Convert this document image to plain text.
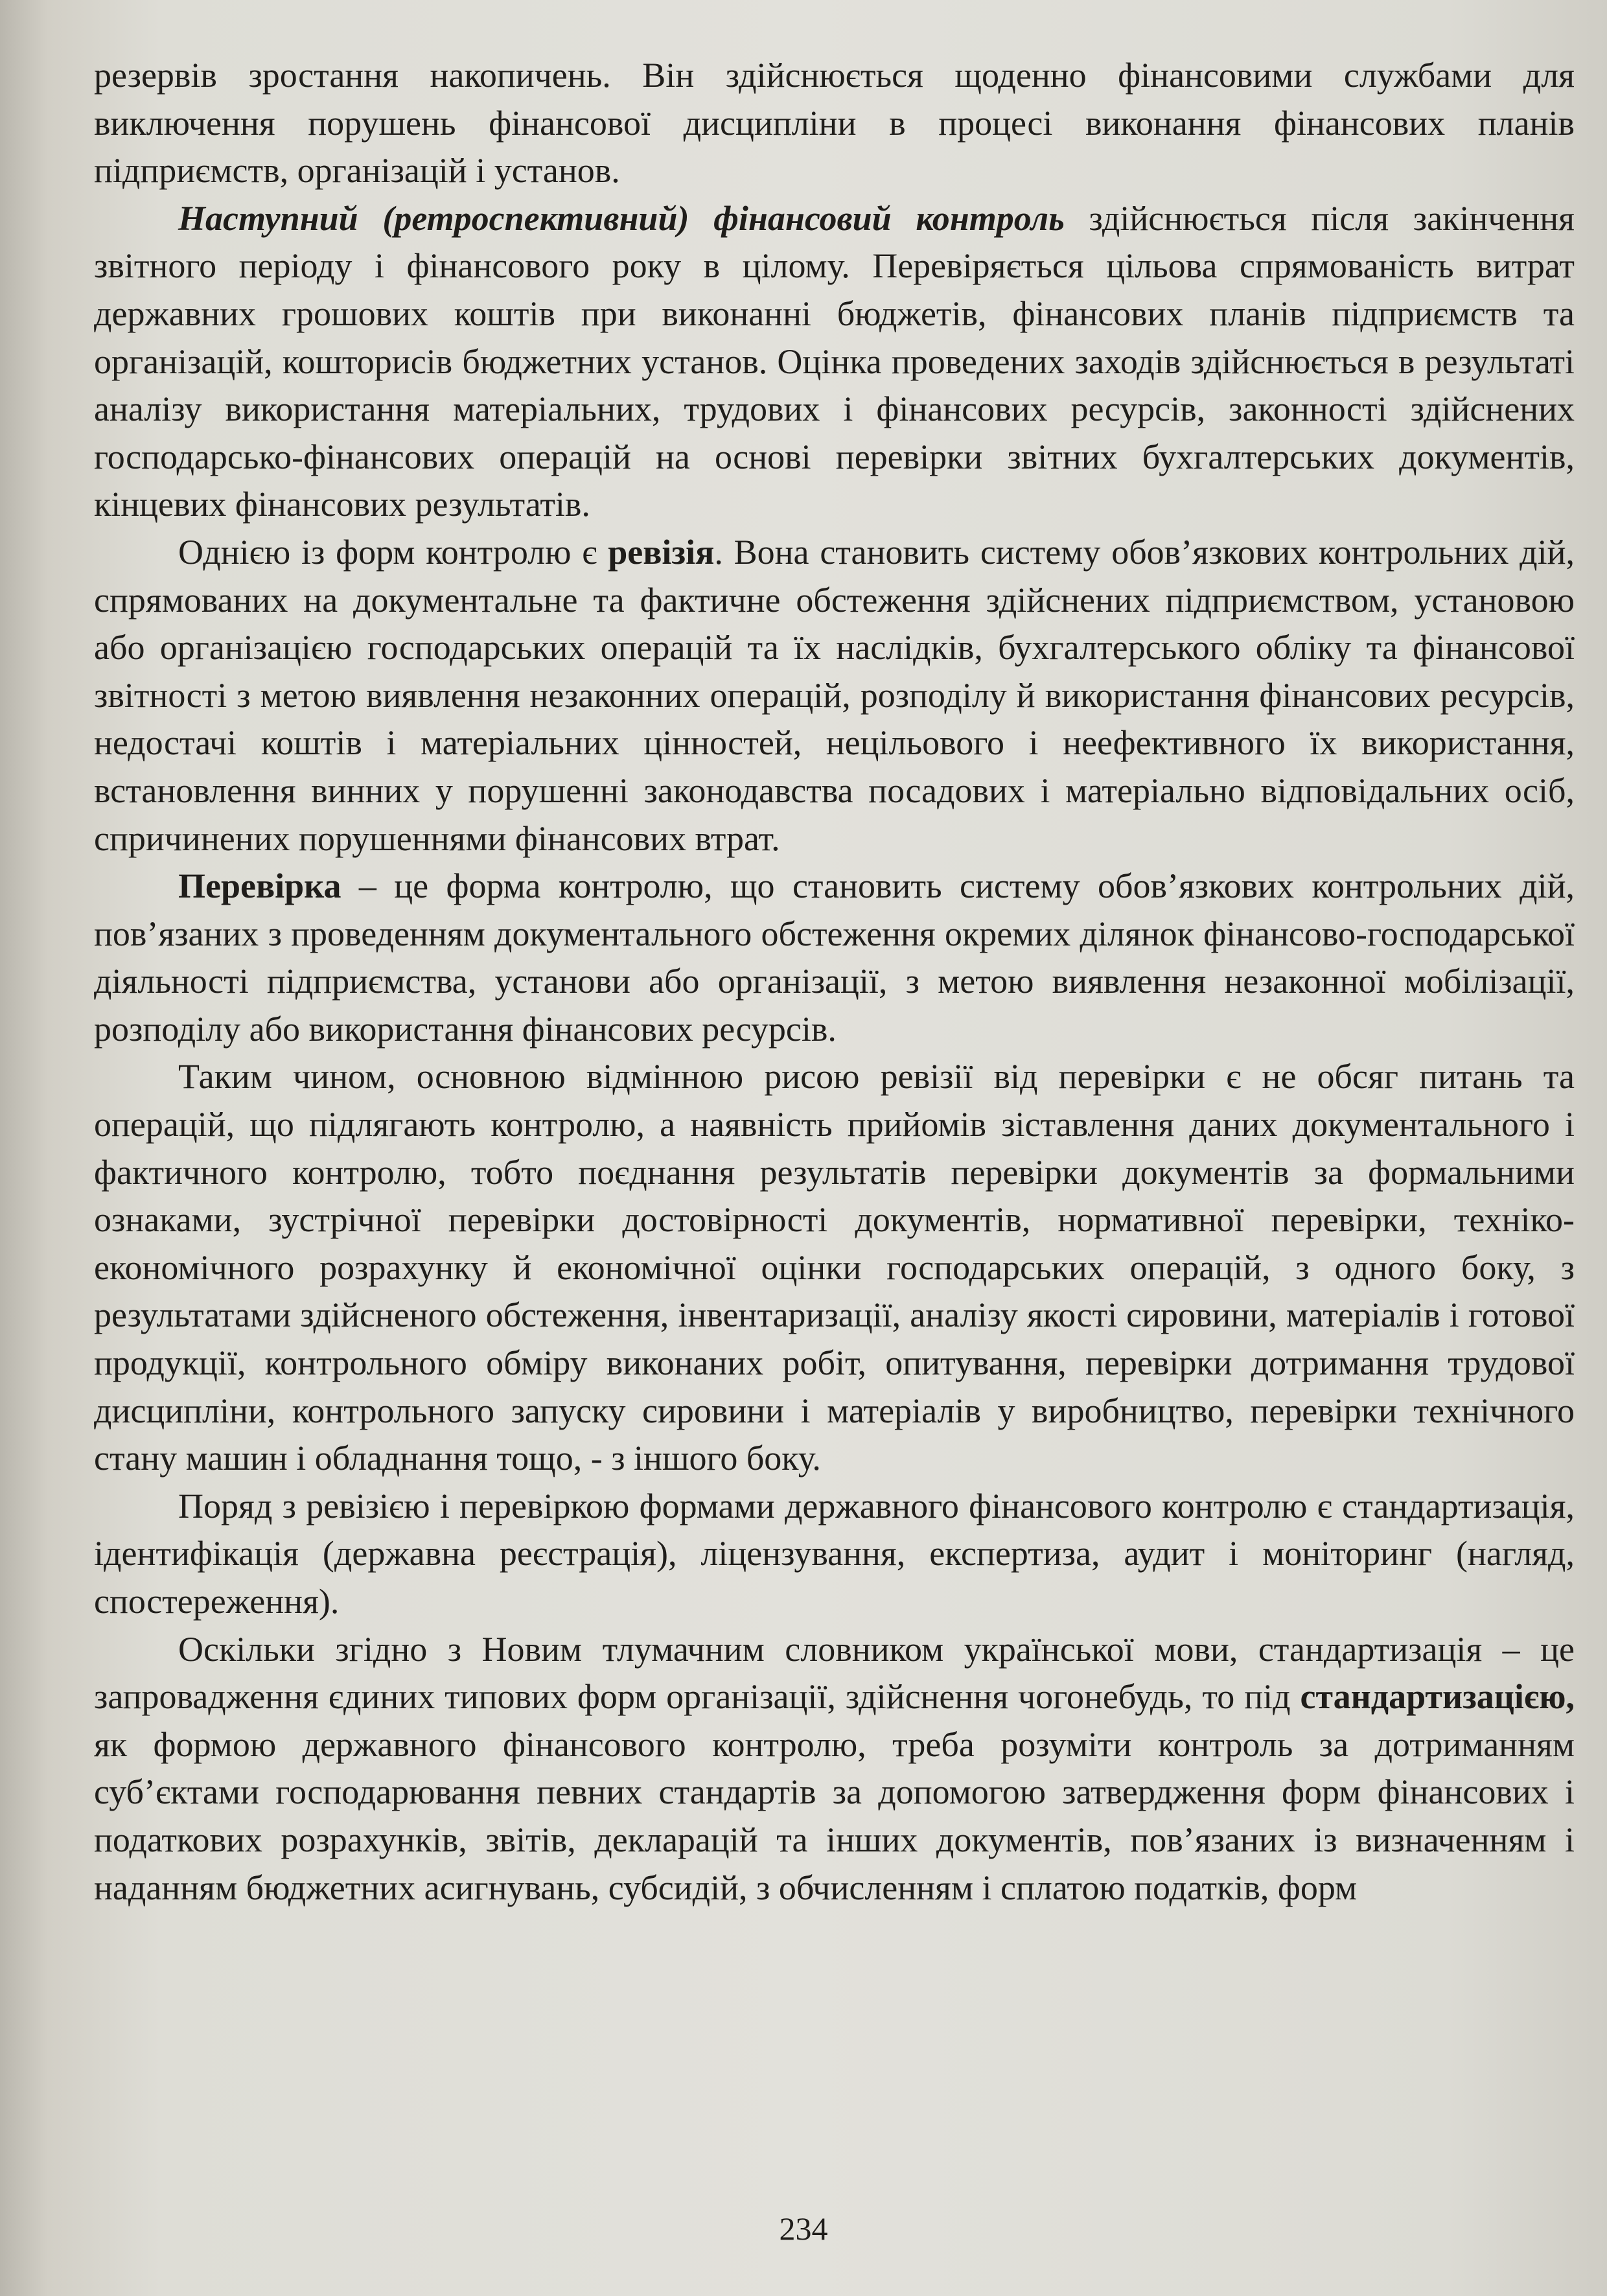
резервів зростання накопичень. Він здійснюється щоденно фінансовими службами для виключення порушень фінансової дисципліни в процесі виконання фінансових планів підприємств, організацій і установ.

Наступний (ретроспективний) фінансовий контроль здійснюється після закінчення звітного періоду і фінансового року в цілому. Перевіряється цільова спрямованість витрат державних грошових коштів при виконанні бюджетів, фінансових планів підприємств та організацій, кошторисів бюджетних установ. Оцінка проведених заходів здійснюється в результаті аналізу використання матеріальних, трудових і фінансових ресурсів, законності здійснених господарсько-фінансових операцій на основі перевірки звітних бухгалтерських документів, кінцевих фінансових результатів.

Однією із форм контролю є ревізія. Вона становить систему обов’язкових контрольних дій, спрямованих на документальне та фактичне обстеження здійснених підприємством, установою або організацією господарських операцій та їх наслідків, бухгалтерського обліку та фінансової звітності з метою виявлення незаконних операцій, розподілу й використання фінансових ресурсів, недостачі коштів і матеріальних цінностей, нецільового і неефективного їх використання, встановлення винних у порушенні законодавства посадових і матеріально відповідальних осіб, спричинених порушеннями фінансових втрат.

Перевірка – це форма контролю, що становить систему обов’язкових контрольних дій, пов’язаних з проведенням документального обстеження окремих ділянок фінансово-господарської діяльності підприємства, установи або організації, з метою виявлення незаконної мобілізації, розподілу або використання фінансових ресурсів.

Таким чином, основною відмінною рисою ревізії від перевірки є не обсяг питань та операцій, що підлягають контролю, а наявність прийомів зіставлення даних документального і фактичного контролю, тобто поєднання результатів перевірки документів за формальними ознаками, зустрічної перевірки достовірності документів, нормативної перевірки, техніко-економічного розрахунку й економічної оцінки господарських операцій, з одного боку, з результатами здійсненого обстеження, інвентаризації, аналізу якості сировини, матеріалів і готової продукції, контрольного обміру виконаних робіт, опитування, перевірки дотримання трудової дисципліни, контрольного запуску сировини і матеріалів у виробництво, перевірки технічного стану машин і обладнання тощо, - з іншого боку.

Поряд з ревізією і перевіркою формами державного фінансового контролю є стандартизація, ідентифікація (державна реєстрація), ліцензування, експертиза, аудит і моніторинг (нагляд, спостереження).

Оскільки згідно з Новим тлумачним словником української мови, стандартизація – це запровадження єдиних типових форм організації, здійснення чогонебудь, то під стандартизацією, як формою державного фінансового контролю, треба розуміти контроль за дотриманням суб’єктами господарювання певних стандартів за допомогою затвердження форм фінансових і податкових розрахунків, звітів, декларацій та інших документів, пов’язаних із визначенням і наданням бюджетних асигнувань, субсидій, з обчисленням і сплатою податків, форм

234
